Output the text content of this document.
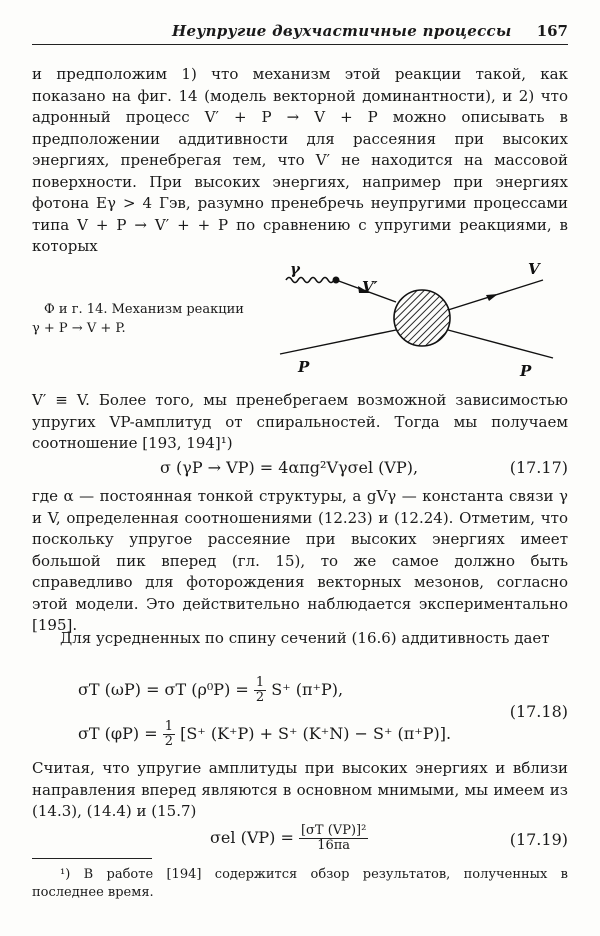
Неупругие двухчастичные процессы 167
и предположим 1) что механизм этой реакции такой, как показано на фиг. 14 (модель векторной доминантности), и 2) что адронный процесс V′ + P → V + P можно описывать в предположении аддитивности для рассеяния при высоких энергиях, пренебрегая тем, что V′ не находится на массовой поверхности. При высоких энергиях, например при энергиях фотона Eγ > 4 Гэв, разумно пренебречь неупругими процессами типа V + P → V′ + + P по сравнению с упругими реакциями, в которых
Ф и г. 14. Механизм реакции γ + P → V + P.
γ
V′
V
P	P
V′ ≡ V. Более того, мы пренебрегаем возможной зависимостью упругих VP-амплитуд от спиральностей. Тогда мы получаем соотношение [193, 194]¹)
σ (γP → VP) = 4απg²Vγσel (VP),	(17.17)
где α — постоянная тонкой структуры, а gVγ — константа связи γ и V, определенная соотношениями (12.23) и (12.24). Отметим, что поскольку упругое рассеяние при высоких энергиях имеет большой пик вперед (гл. 15), то же самое должно быть справедливо для фоторождения векторных мезонов, согласно этой модели. Это действительно наблюдается экспериментально [195].
Для усредненных по спину сечений (16.6) аддитивность дает
σT (ωP) = σT $(\rho^0P) = \frac{1}{2} S^+$ (π⁺P),
σT $(\varphi P) = \frac{1}{2} [S^+$ (K⁺P) + S⁺ (K⁺N) − S⁺ (π⁺P)].
(17.18)
Считая, что упругие амплитуды при высоких энергиях и вблизи направления вперед являются в основном мнимыми, мы имеем из (14.3), (14.4) и (15.7)
σel $(VP) = \frac{\text{[σT (VP)]²}}{16\pi a}$	(17.19)
¹) В работе [194] содержится обзор результатов, полученных в последнее время.
